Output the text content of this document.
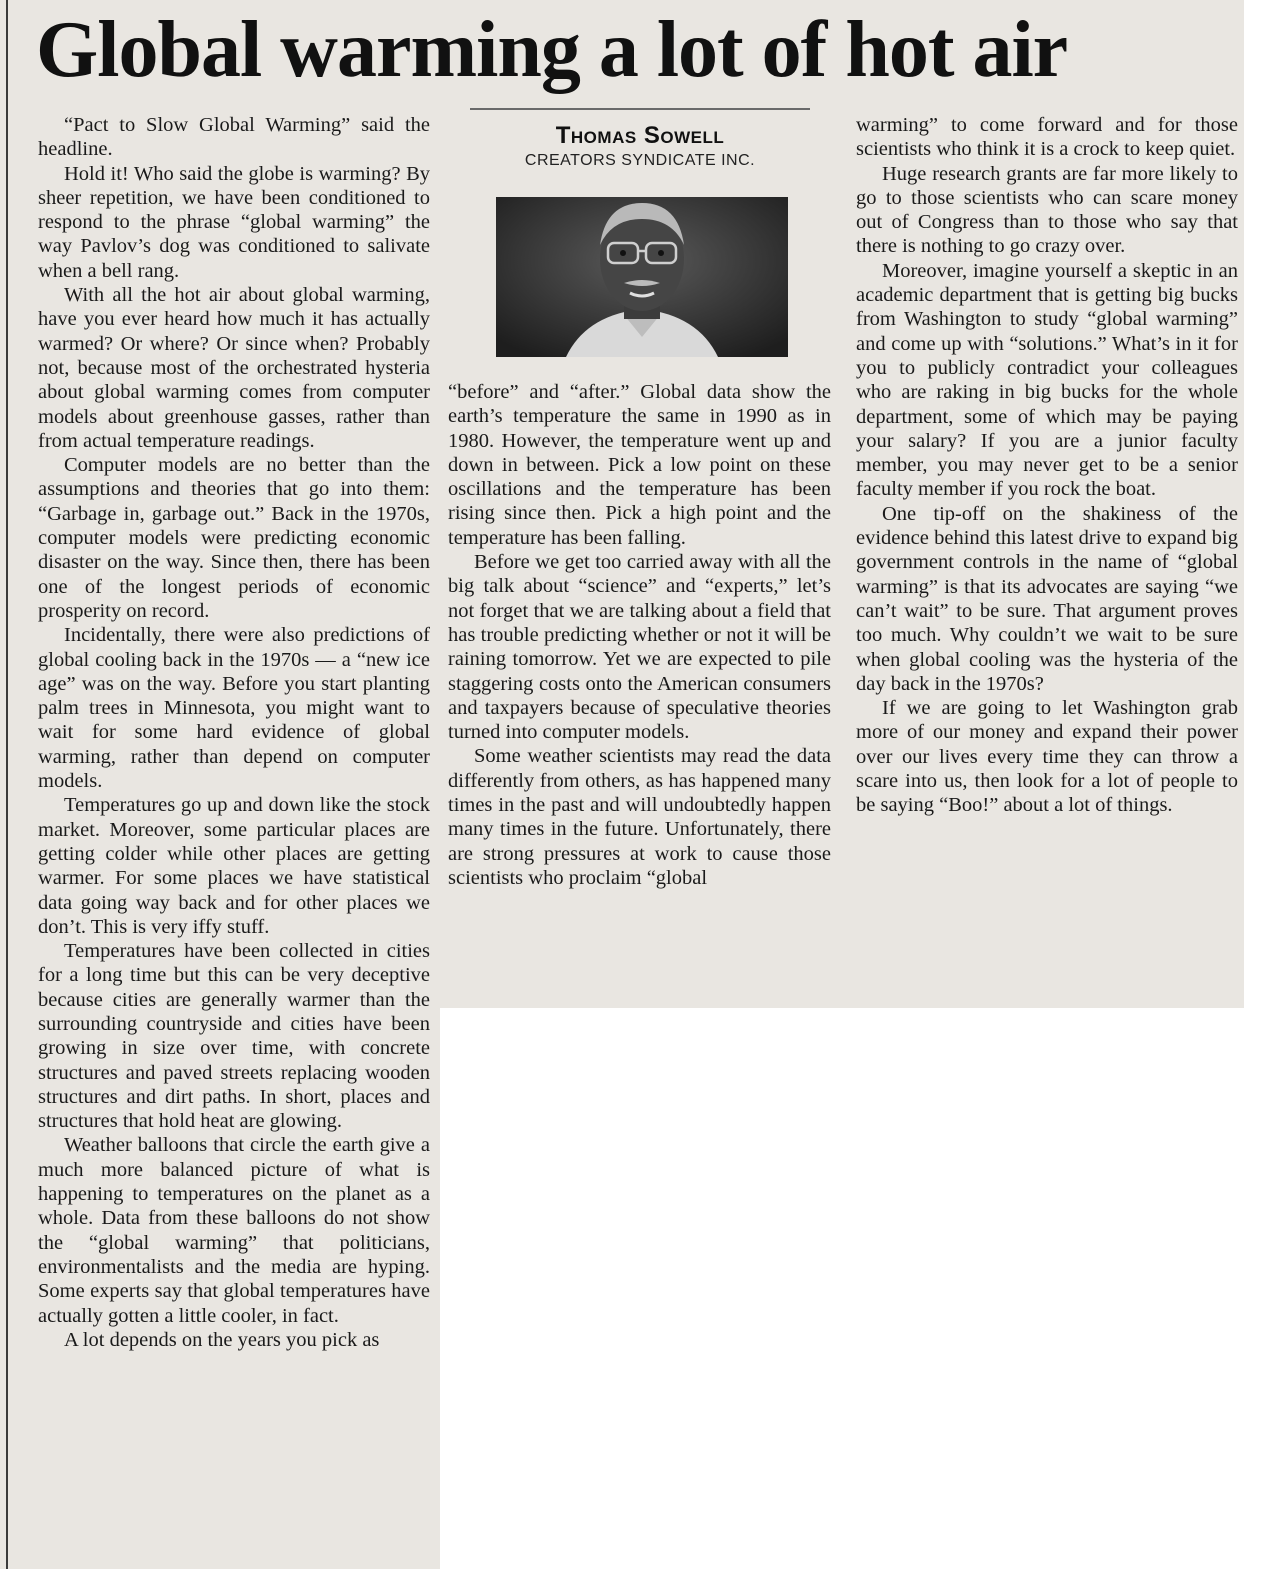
Global warming a lot of hot air

“Pact to Slow Global Warming” said the headline.

Hold it! Who said the globe is warming? By sheer repetition, we have been conditioned to respond to the phrase “global warming” the way Pavlov’s dog was conditioned to salivate when a bell rang.

With all the hot air about global warming, have you ever heard how much it has actually warmed? Or where? Or since when? Probably not, because most of the orchestrated hysteria about global warming comes from computer models about greenhouse gasses, rather than from actual temperature readings.

Computer models are no better than the assumptions and theories that go into them: “Garbage in, garbage out.” Back in the 1970s, computer models were predicting economic disaster on the way. Since then, there has been one of the longest periods of economic prosperity on record.

Incidentally, there were also predictions of global cooling back in the 1970s — a “new ice age” was on the way. Before you start planting palm trees in Minnesota, you might want to wait for some hard evidence of global warming, rather than depend on computer models.

Temperatures go up and down like the stock market. Moreover, some particular places are getting colder while other places are getting warmer. For some places we have statistical data going way back and for other places we don’t. This is very iffy stuff.

Temperatures have been collected in cities for a long time but this can be very deceptive because cities are generally warmer than the surrounding countryside and cities have been growing in size over time, with concrete structures and paved streets replacing wooden structures and dirt paths. In short, places and structures that hold heat are glowing.

Weather balloons that circle the earth give a much more balanced picture of what is happening to temperatures on the planet as a whole. Data from these balloons do not show the “global warming” that politicians, environmentalists and the media are hyping. Some experts say that global temperatures have actually gotten a little cooler, in fact.

A lot depends on the years you pick as

Thomas Sowell
CREATORS SYNDICATE INC.

“before” and “after.” Global data show the earth’s temperature the same in 1990 as in 1980. However, the temperature went up and down in between. Pick a low point on these oscillations and the temperature has been rising since then. Pick a high point and the temperature has been falling.

Before we get too carried away with all the big talk about “science” and “experts,” let’s not forget that we are talking about a field that has trouble predicting whether or not it will be raining tomorrow. Yet we are expected to pile staggering costs onto the American consumers and taxpayers because of speculative theories turned into computer models.

Some weather scientists may read the data differently from others, as has happened many times in the past and will undoubtedly happen many times in the future. Unfortunately, there are strong pressures at work to cause those scientists who proclaim “global

warming” to come forward and for those scientists who think it is a crock to keep quiet.

Huge research grants are far more likely to go to those scientists who can scare money out of Congress than to those who say that there is nothing to go crazy over.

Moreover, imagine yourself a skeptic in an academic department that is getting big bucks from Washington to study “global warming” and come up with “solutions.” What’s in it for you to publicly contradict your colleagues who are raking in big bucks for the whole department, some of which may be paying your salary? If you are a junior faculty member, you may never get to be a senior faculty member if you rock the boat.

One tip-off on the shakiness of the evidence behind this latest drive to expand big government controls in the name of “global warming” is that its advocates are saying “we can’t wait” to be sure. That argument proves too much. Why couldn’t we wait to be sure when global cooling was the hysteria of the day back in the 1970s?

If we are going to let Washington grab more of our money and expand their power over our lives every time they can throw a scare into us, then look for a lot of people to be saying “Boo!” about a lot of things.
